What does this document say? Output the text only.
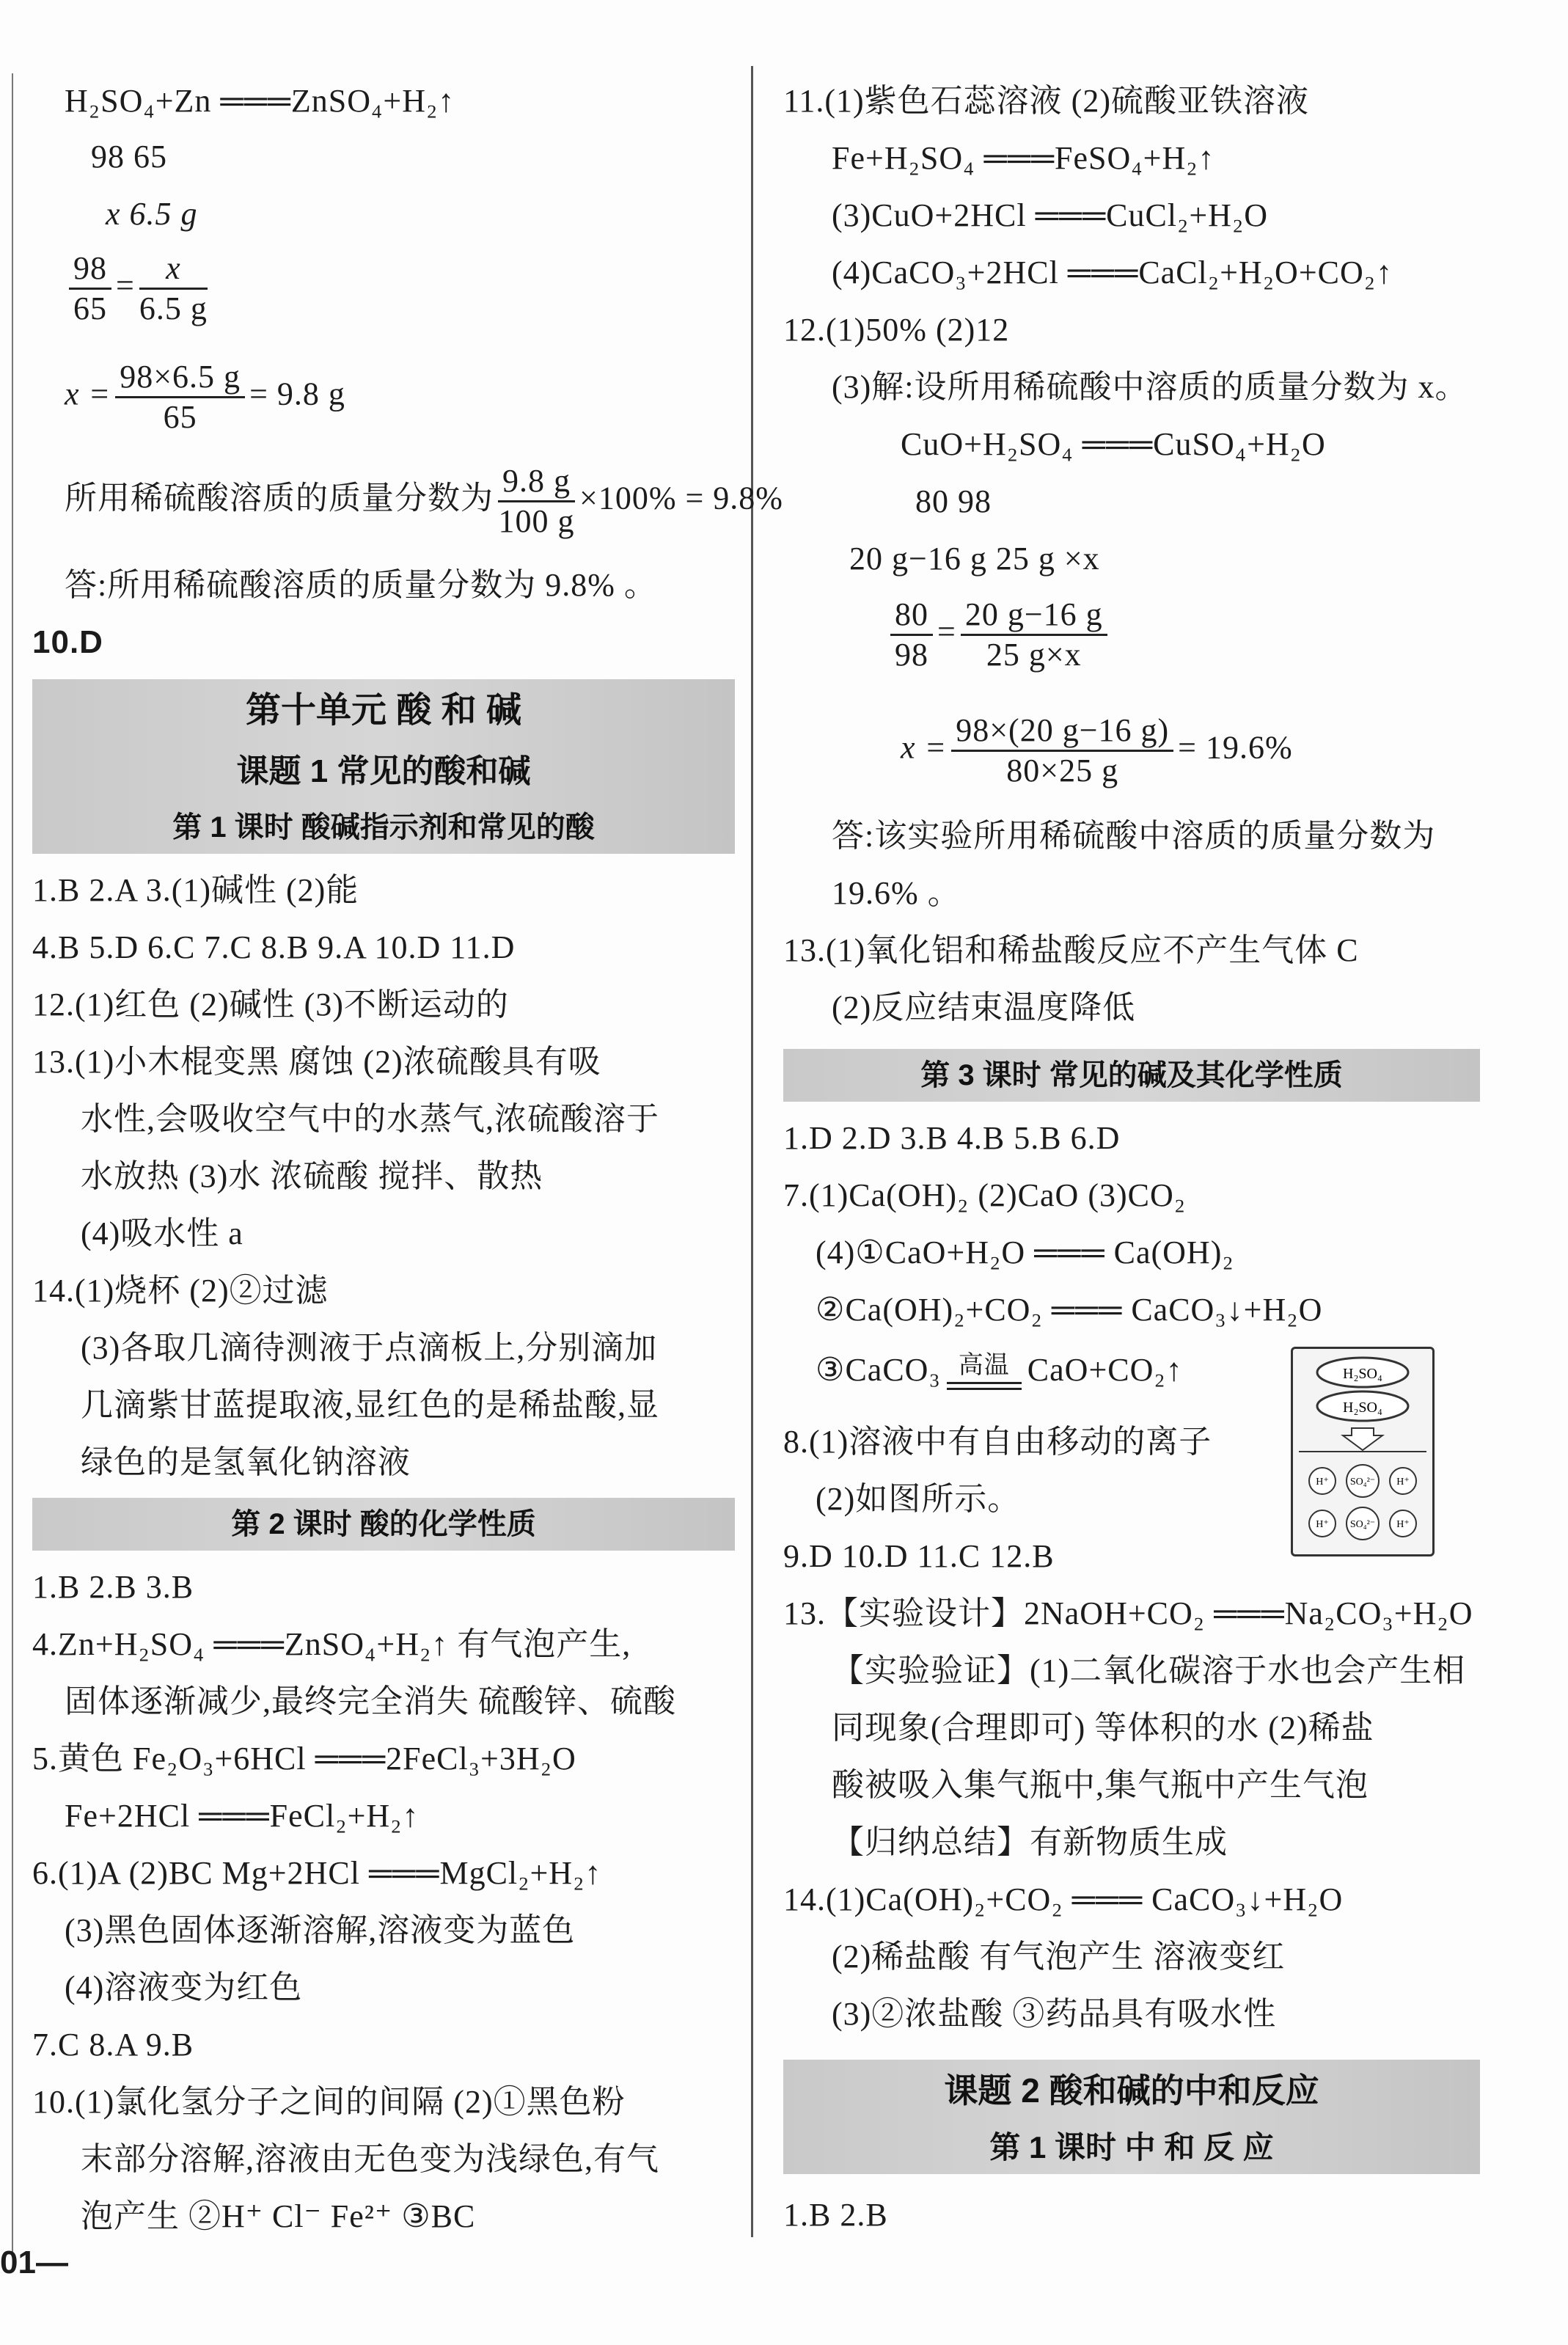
H₂SO₄+Zn ═══ZnSO₄+H₂↑
98 65
x 6.5 g
$\frac{98}{65} = \frac{x}{6.5 g}$
$x = \frac{98\times 6.5 g}{65} = 9.8$ g
所用稀硫酸溶质的质量分数为 $\frac{9.8 g}{100 g} \times 100\% = 9.8\%$
答:所用稀硫酸溶质的质量分数为 9.8% 。
10.D
第十单元 酸 和 碱
课题 1 常见的酸和碱
第 1 课时 酸碱指示剂和常见的酸
1.B 2.A 3.(1)碱性 (2)能
4.B 5.D 6.C 7.C 8.B 9.A 10.D 11.D
12.(1)红色 (2)碱性 (3)不断运动的
13.(1)小木棍变黑 腐蚀 (2)浓硫酸具有吸
水性,会吸收空气中的水蒸气,浓硫酸溶于
水放热 (3)水 浓硫酸 搅拌、散热
(4)吸水性 a
14.(1)烧杯 (2)②过滤
(3)各取几滴待测液于点滴板上,分别滴加
几滴紫甘蓝提取液,显红色的是稀盐酸,显
绿色的是氢氧化钠溶液
第 2 课时 酸的化学性质
1.B 2.B 3.B
4.Zn+H₂SO₄ ═══ZnSO₄+H₂↑ 有气泡产生,
固体逐渐减少,最终完全消失 硫酸锌、硫酸
5.黄色 Fe₂O₃+6HCl ═══2FeCl₃+3H₂O
Fe+2HCl ═══FeCl₂+H₂↑
6.(1)A (2)BC Mg+2HCl ═══MgCl₂+H₂↑
(3)黑色固体逐渐溶解,溶液变为蓝色
(4)溶液变为红色
7.C 8.A 9.B
10.(1)氯化氢分子之间的间隔 (2)①黑色粉
末部分溶解,溶液由无色变为浅绿色,有气
泡产生 ②H⁺ Cl⁻ Fe²⁺ ③BC
11.(1)紫色石蕊溶液 (2)硫酸亚铁溶液
Fe+H₂SO₄ ═══FeSO₄+H₂↑
(3)CuO+2HCl ═══CuCl₂+H₂O
(4)CaCO₃+2HCl ═══CaCl₂+H₂O+CO₂↑
12.(1)50% (2)12
(3)解:设所用稀硫酸中溶质的质量分数为 x。
CuO+H₂SO₄ ═══CuSO₄+H₂O
80 98
20 g−16 g 25 g ×x
$\frac{80}{98} = \frac{20 g-16 g}{25 g\times x}$
$x = \frac{98\times(20 g-16 g)}{80\times 25 g} = 19.6\%$
答:该实验所用稀硫酸中溶质的质量分数为
19.6% 。
13.(1)氧化铝和稀盐酸反应不产生气体 C
(2)反应结束温度降低
第 3 课时 常见的碱及其化学性质
1.D 2.D 3.B 4.B 5.B 6.D
7.(1)Ca(OH)₂ (2)CaO (3)CO₂
(4)①CaO+H₂O ═══ Ca(OH)₂
②Ca(OH)₂+CO₂ ═══ CaCO₃↓+H₂O
③CaCO₃ 高温 CaO+CO₂↑
8.(1)溶液中有自由移动的离子
(2)如图所示。
9.D 10.D 11.C 12.B
13.【实验设计】2NaOH+CO₂ ═══Na₂CO₃+H₂O
【实验验证】(1)二氧化碳溶于水也会产生相
同现象(合理即可) 等体积的水 (2)稀盐
酸被吸入集气瓶中,集气瓶中产生气泡
【归纳总结】有新物质生成
14.(1)Ca(OH)₂+CO₂ ═══ CaCO₃↓+H₂O
(2)稀盐酸 有气泡产生 溶液变红
(3)②浓盐酸 ③药品具有吸水性
课题 2 酸和碱的中和反应
第 1 课时 中 和 反 应
1.B 2.B
H₂SO₄
H₂SO₄
H⁺ SO₄²⁻ H⁺
H⁺ SO₄²⁻ H⁺
01—
